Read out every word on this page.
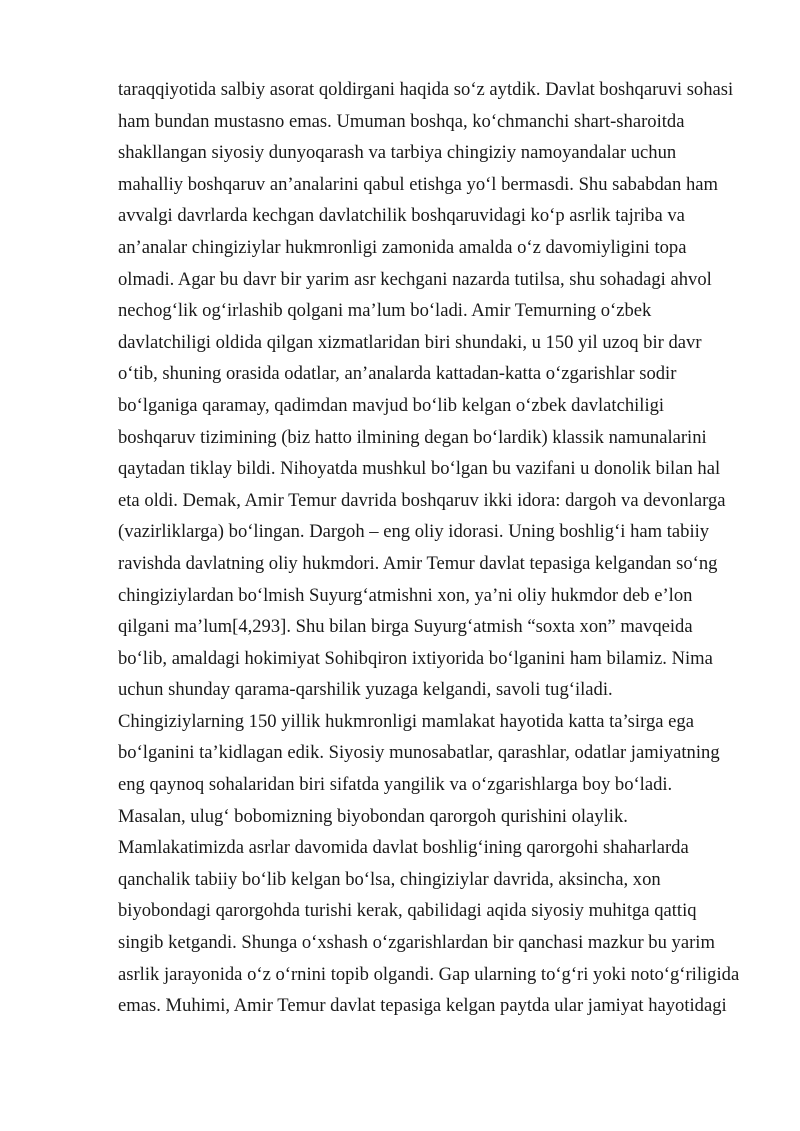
taraqqiyotida salbiy asorat qoldirgani haqida so‘z aytdik. Davlat boshqaruvi sohasi
ham bundan mustasno emas. Umuman boshqa, ko‘chmanchi shart-sharoitda
shakllangan siyosiy dunyoqarash va tarbiya chingiziy namoyandalar uchun
mahalliy boshqaruv an’analarini qabul etishga yo‘l bermasdi. Shu sababdan ham
avvalgi davrlarda kechgan davlatchilik boshqaruvidagi ko‘p asrlik tajriba va
an’analar chingiziylar hukmronligi zamonida amalda o‘z davomiyligini topa
olmadi. Agar bu davr bir yarim asr kechgani nazarda tutilsa, shu sohadagi ahvol
nechog‘lik og‘irlashib qolgani ma’lum bo‘ladi. Amir Temurning o‘zbek
davlatchiligi oldida qilgan xizmatlaridan biri shundaki, u 150 yil uzoq bir davr
o‘tib, shuning orasida odatlar, an’analarda kattadan-katta o‘zgarishlar sodir
bo‘lganiga qaramay, qadimdan mavjud bo‘lib kelgan o‘zbek davlatchiligi
boshqaruv tizimining (biz hatto ilmining degan bo‘lardik) klassik namunalarini
qaytadan tiklay bildi. Nihoyatda mushkul bo‘lgan bu vazifani u donolik bilan hal
eta oldi. Demak, Amir Temur davrida boshqaruv ikki idora: dargoh va devonlarga
(vazirliklarga) bo‘lingan. Dargoh – eng oliy idorasi. Uning boshlig‘i ham tabiiy
ravishda davlatning oliy hukmdori. Amir Temur davlat tepasiga kelgandan so‘ng
chingiziylardan bo‘lmish Suyurg‘atmishni xon, ya’ni oliy hukmdor deb e’lon
qilgani ma’lum[4,293]. Shu bilan birga Suyurg‘atmish “soxta xon” mavqeida
bo‘lib, amaldagi hokimiyat Sohibqiron ixtiyorida bo‘lganini ham bilamiz. Nima
uchun shunday qarama-qarshilik yuzaga kelgandi, savoli tug‘iladi.
Chingiziylarning 150 yillik hukmronligi mamlakat hayotida katta ta’sirga ega
bo‘lganini ta’kidlagan edik. Siyosiy munosabatlar, qarashlar, odatlar jamiyatning
eng qaynoq sohalaridan biri sifatda yangilik va o‘zgarishlarga boy bo‘ladi.
Masalan, ulug‘ bobomizning biyobondan qarorgoh qurishini olaylik.
Mamlakatimizda asrlar davomida davlat boshlig‘ining qarorgohi shaharlarda
qanchalik tabiiy bo‘lib kelgan bo‘lsa, chingiziylar davrida, aksincha, xon
biyobondagi qarorgohda turishi kerak, qabilidagi aqida siyosiy muhitga qattiq
singib ketgandi. Shunga o‘xshash o‘zgarishlardan bir qanchasi mazkur bu yarim
asrlik jarayonida o‘z o‘rnini topib olgandi. Gap ularning to‘g‘ri yoki noto‘g‘riligida
emas. Muhimi, Amir Temur davlat tepasiga kelgan paytda ular jamiyat hayotidagi
